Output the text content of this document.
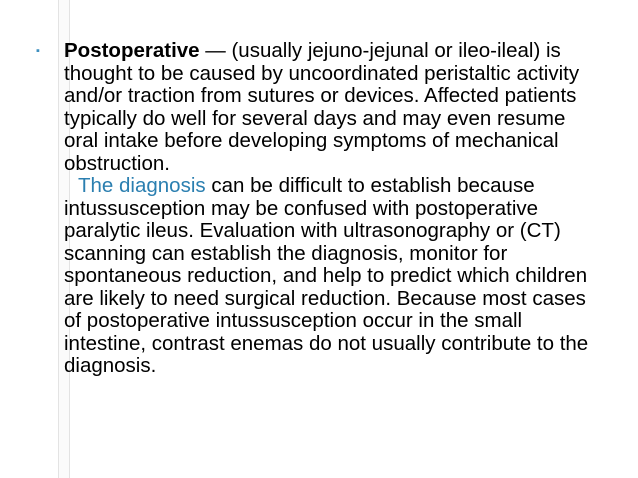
▪	Postoperative — (usually jejuno-jejunal or ileo-ileal) is thought to be caused by uncoordinated peristaltic activity and/or traction from sutures or devices. Affected patients typically do well for several days and may even resume oral intake before developing symptoms of mechanical obstruction.

The diagnosis can be difficult to establish because intussusception may be confused with postoperative paralytic ileus. Evaluation with ultrasonography or (CT) scanning can establish the diagnosis, monitor for spontaneous reduction, and help to predict which children are likely to need surgical reduction. Because most cases of postoperative intussusception occur in the small intestine, contrast enemas do not usually contribute to the diagnosis.
